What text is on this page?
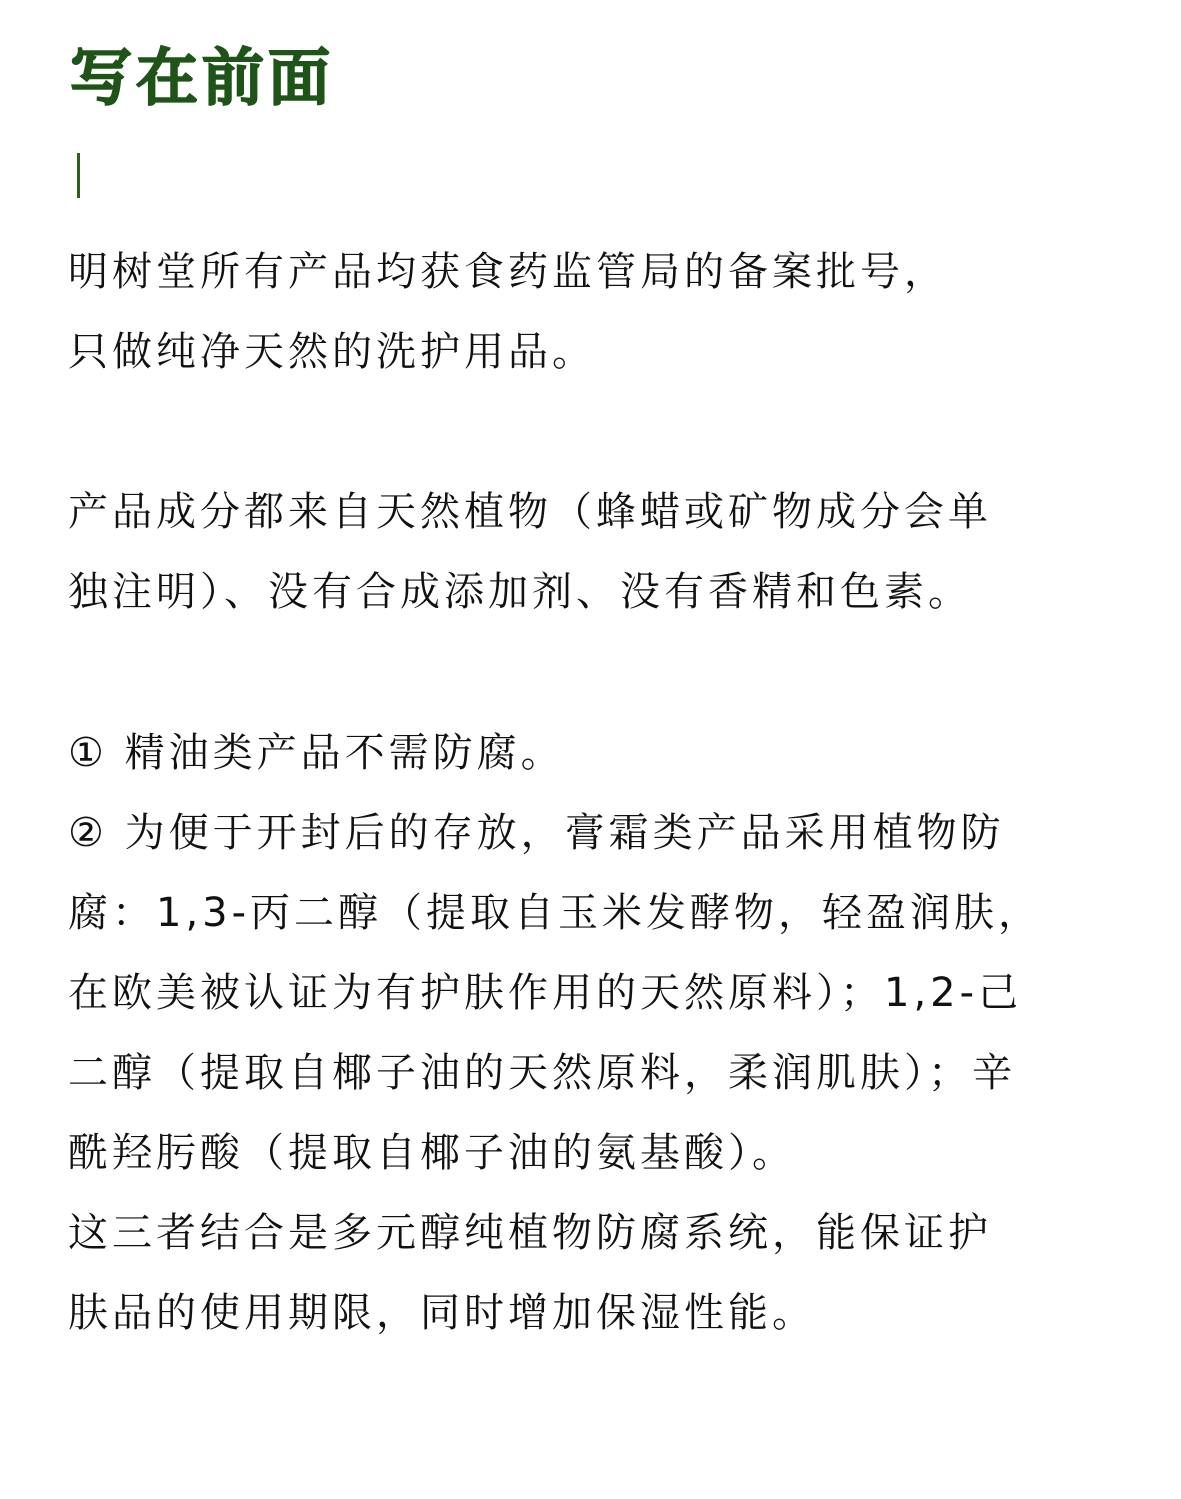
写在前面

明树堂所有产品均获食药监管局的备案批号，
只做纯净天然的洗护用品。

产品成分都来自天然植物（蜂蜡或矿物成分会单
独注明）、没有合成添加剂、没有香精和色素。

① 精油类产品不需防腐。
② 为便于开封后的存放，膏霜类产品采用植物防
腐：1,3-丙二醇（提取自玉米发酵物，轻盈润肤，
在欧美被认证为有护肤作用的天然原料）；1,2-己
二醇（提取自椰子油的天然原料，柔润肌肤）；辛
酰羟肟酸（提取自椰子油的氨基酸）。
这三者结合是多元醇纯植物防腐系统，能保证护
肤品的使用期限，同时增加保湿性能。
